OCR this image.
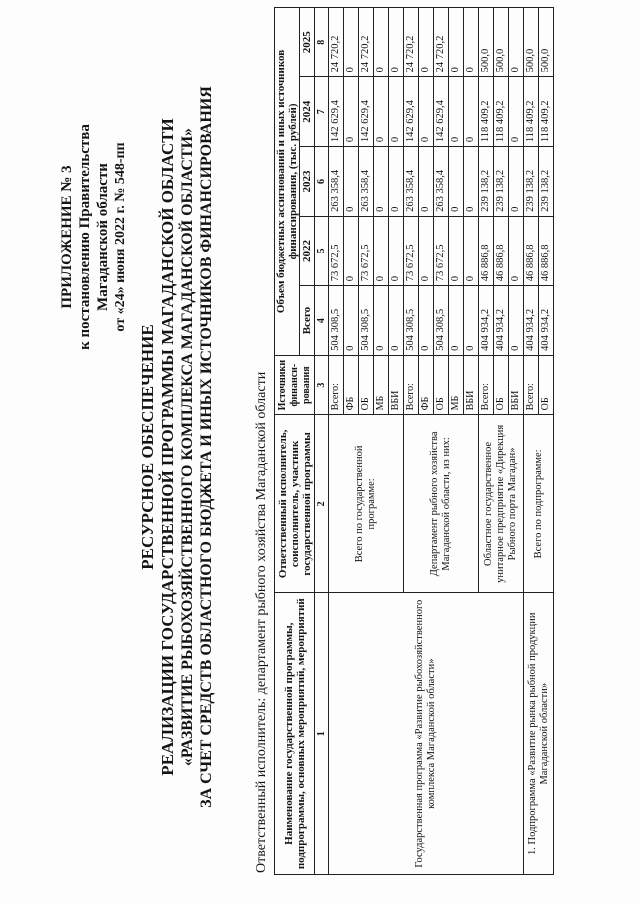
ПРИЛОЖЕНИЕ № 3 к постановлению Правительства Магаданской области от «24» июня 2022 г. № 548-пп
РЕСУРСНОЕ ОБЕСПЕЧЕНИЕ РЕАЛИЗАЦИИ ГОСУДАРСТВЕННОЙ ПРОГРАММЫ МАГАДАНСКОЙ ОБЛАСТИ «РАЗВИТИЕ РЫБОХОЗЯЙСТВЕННОГО КОМПЛЕКСА МАГАДАНСКОЙ ОБЛАСТИ» ЗА СЧЕТ СРЕДСТВ ОБЛАСТНОГО БЮДЖЕТА И ИНЫХ ИСТОЧНИКОВ ФИНАНСИРОВАНИЯ	Ответственный исполнитель: департамент рыбного хозяйства Магаданской области Наименование государственной программы, подпрограммы, основных мероприятий, мероприятий	Ответственный исполнитель, соисполнитель, участник государственной программы	Источники финанси-рования	Объем бюджетных ассигнований и иных источников финансирования, (тыс. рублей)				
			Всего	2022	2023	2024	2025
1	2	3	4	5	6	7	8
Государственная программа «Развитие рыбохозяйственного комплекса Магаданской области»	Всего по государственной программе:	Всего:	504 308,5	73 672,5	263 358,4	142 629,4	24 720,2
		ФБ	0	0	0	0	0
		ОБ	504 308,5	73 672,5	263 358,4	142 629,4	24 720,2
		МБ	0	0	0	0	0
		ВБИ	0	0	0	0	0
	Департамент рыбного хозяйства Магаданской области, из них:	Всего:	504 308,5	73 672,5	263 358,4	142 629,4	24 720,2
		ФБ	0	0	0	0	0
		ОБ	504 308,5	73 672,5	263 358,4	142 629,4	24 720,2
		МБ	0	0	0	0	0
		ВБИ	0	0	0	0	0
	Областное государственное унитарное предприятие «Дирекция Рыбного порта Магадан»	Всего:	404 934,2	46 886,8	239 138,2	118 409,2	500,0
		ОБ	404 934,2	46 886,8	239 138,2	118 409,2	500,0
		ВБИ	0	0	0	0	0
1. Подпрограмма «Развитие рынка рыбной продукции Магаданской области»	Всего по подпрограмме:	Всего:	404 934,2	46 886,8	239 138,2	118 409,2	500,0
		ОБ	404 934,2	46 886,8	239 138,2	118 409,2	500,0
